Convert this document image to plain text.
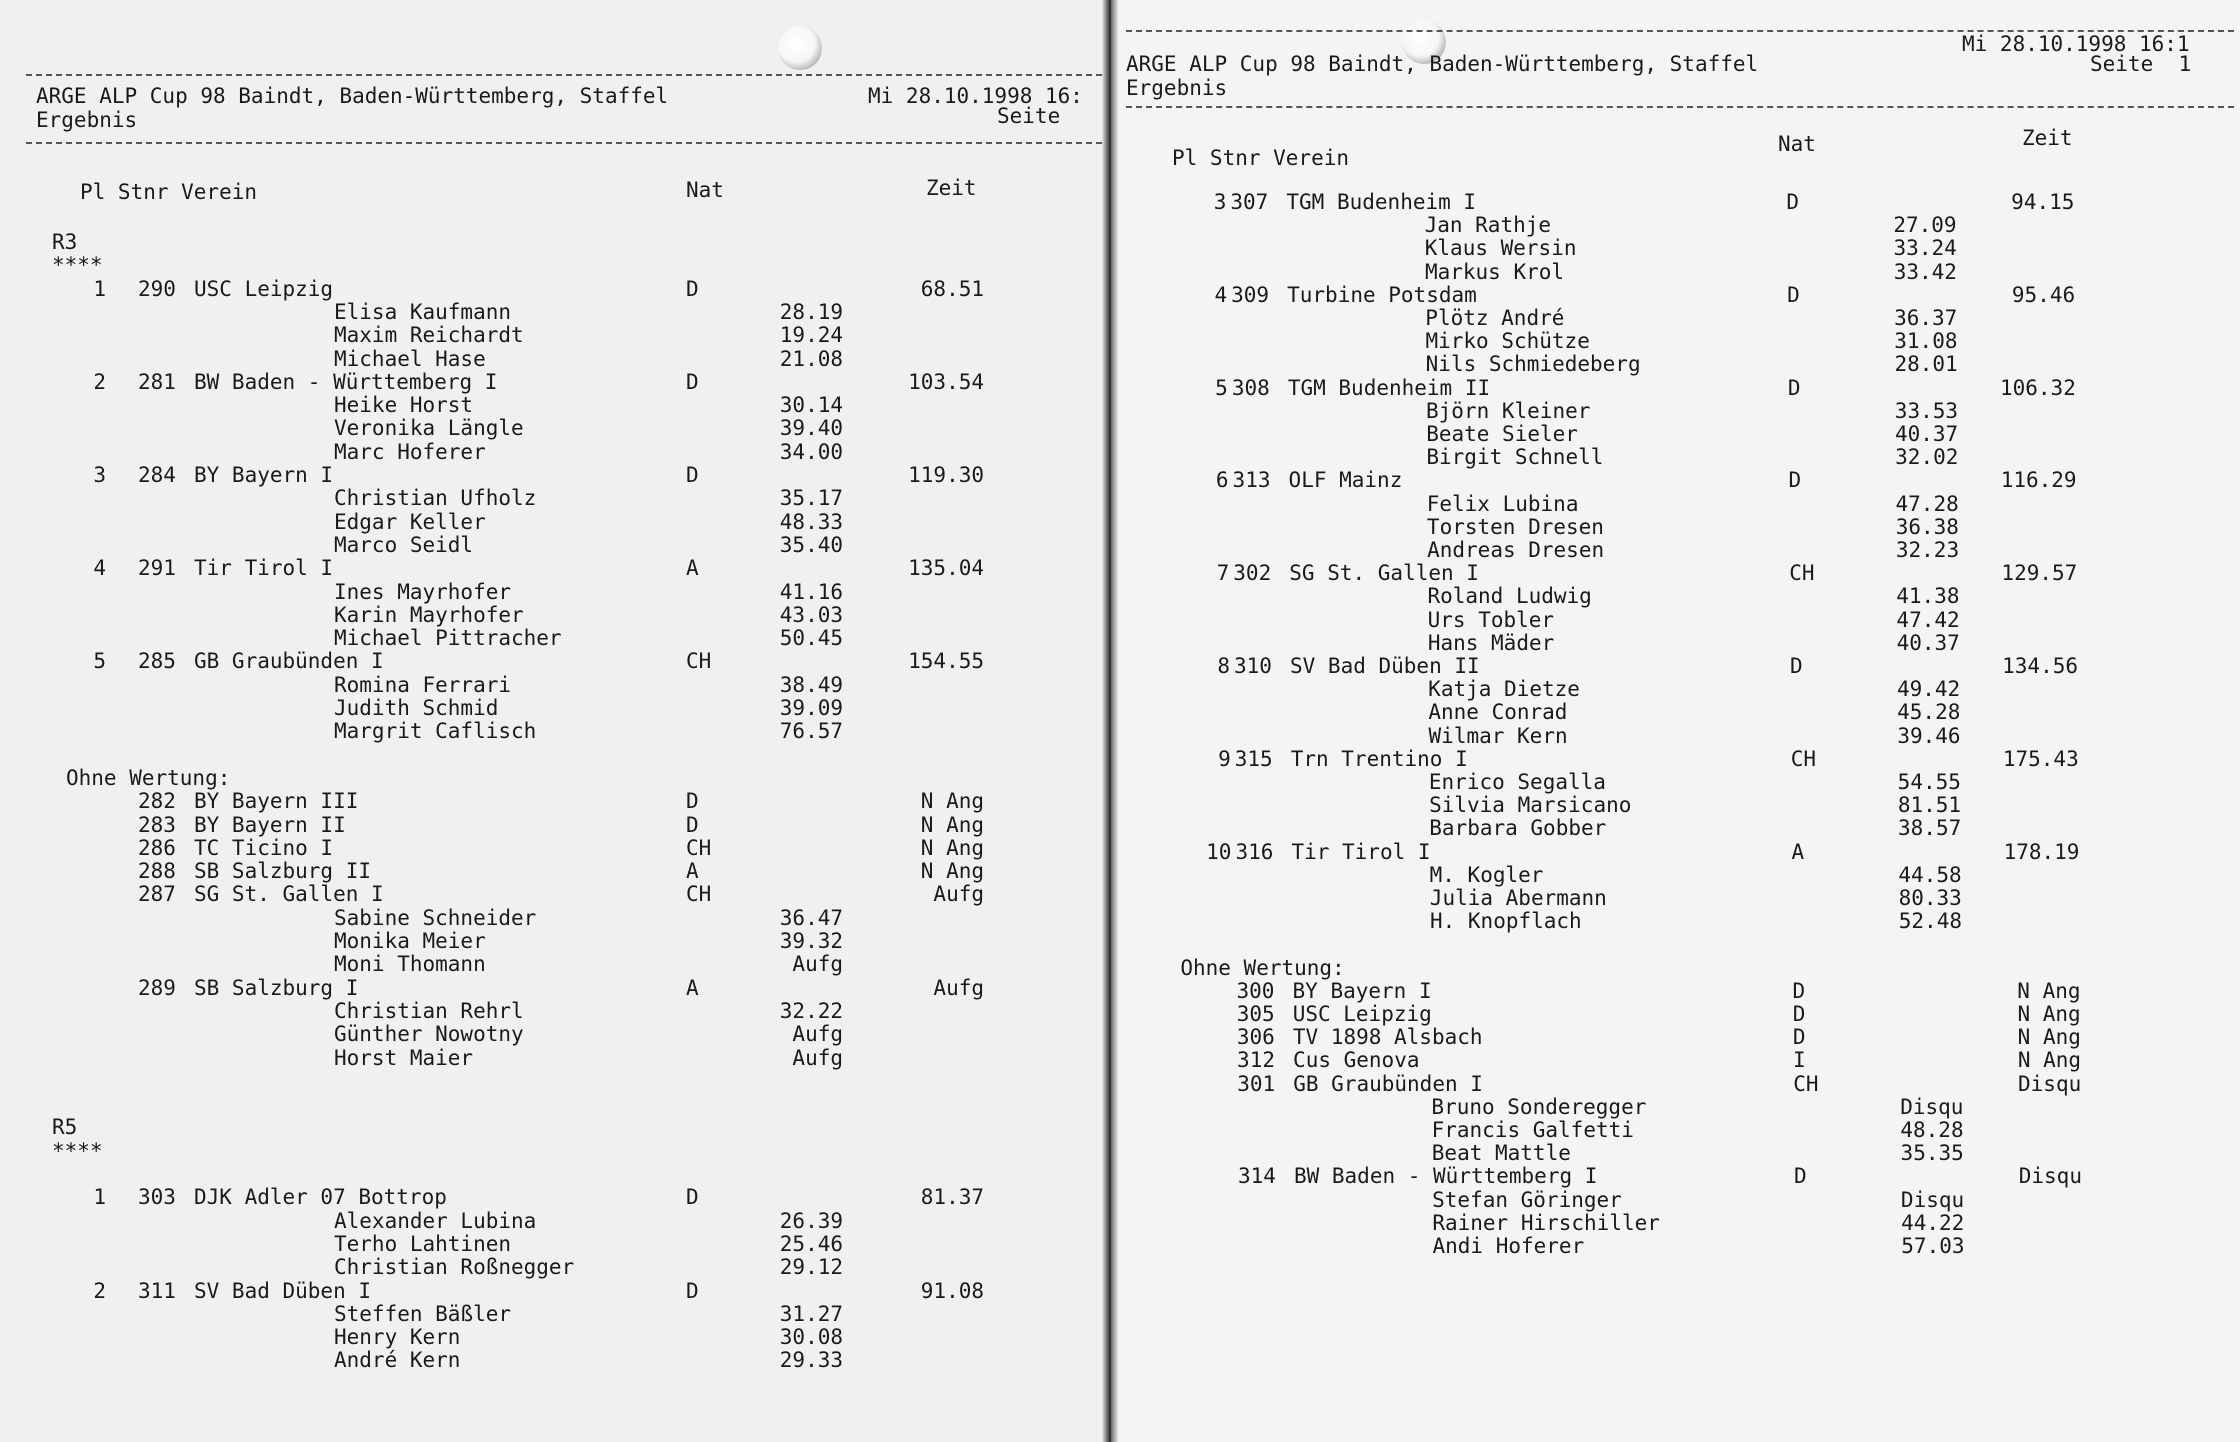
ARGE ALP Cup 98 Baindt, Baden-Württemberg, Staffel
Ergebnis
Mi 28.10.1998 16:
Seite
Pl Stnr Verein	Nat	Zeit
R3
****
1 290 USC Leipzig	D	68.51
Elisa Kaufmann	28.19
Maxim Reichardt	19.24
Michael Hase	21.08
2 281 BW Baden - Württemberg I	D	103.54
Heike Horst	30.14
Veronika Längle	39.40
Marc Hoferer	34.00
3 284 BY Bayern I	D	119.30
Christian Ufholz	35.17
Edgar Keller	48.33
Marco Seidl	35.40
4 291 Tir Tirol I	A	135.04
Ines Mayrhofer	41.16
Karin Mayrhofer	43.03
Michael Pittracher	50.45
5 285 GB Graubünden I	CH	154.55
Romina Ferrari	38.49
Judith Schmid	39.09
Margrit Caflisch	76.57
Ohne Wertung:
282 BY Bayern III	D	N Ang
283 BY Bayern II	D	N Ang
286 TC Ticino I	CH	N Ang
288 SB Salzburg II	A	N Ang
287 SG St. Gallen I	CH	Aufg
Sabine Schneider	36.47
Monika Meier	39.32
Moni Thomann	Aufg
289 SB Salzburg I	A	Aufg
Christian Rehrl	32.22
Günther Nowotny	Aufg
Horst Maier	Aufg
R5
****
1 303 DJK Adler 07 Bottrop	D	81.37
Alexander Lubina	26.39
Terho Lahtinen	25.46
Christian Roßnegger	29.12
2 311 SV Bad Düben I	D	91.08
Steffen Bäßler	31.27
Henry Kern	30.08
André Kern	29.33
ARGE ALP Cup 98 Baindt, Baden-Württemberg, Staffel
Ergebnis
Mi 28.10.1998 16:1
Seite  1
Pl Stnr Verein
Nat	Zeit
3 307 TGM Budenheim I	D	94.15
Jan Rathje	27.09
Klaus Wersin	33.24
Markus Krol	33.42
4 309 Turbine Potsdam	D	95.46
Plötz André	36.37
Mirko Schütze	31.08
Nils Schmiedeberg	28.01
5 308 TGM Budenheim II	D	106.32
Björn Kleiner	33.53
Beate Sieler	40.37
Birgit Schnell	32.02
6 313 OLF Mainz	D	116.29
Felix Lubina	47.28
Torsten Dresen	36.38
Andreas Dresen	32.23
7 302 SG St. Gallen I	CH	129.57
Roland Ludwig	41.38
Urs Tobler	47.42
Hans Mäder	40.37
8 310 SV Bad Düben II	D	134.56
Katja Dietze	49.42
Anne Conrad	45.28
Wilmar Kern	39.46
9 315 Trn Trentino I	CH	175.43
Enrico Segalla	54.55
Silvia Marsicano	81.51
Barbara Gobber	38.57
10 316 Tir Tirol I	A	178.19
M. Kogler	44.58
Julia Abermann	80.33
H. Knopflach	52.48
Ohne Wertung:
300 BY Bayern I	D	N Ang
305 USC Leipzig	D	N Ang
306 TV 1898 Alsbach	D	N Ang
312 Cus Genova	I	N Ang
301 GB Graubünden I	CH	Disqu
Bruno Sonderegger	Disqu
Francis Galfetti	48.28
Beat Mattle	35.35
314 BW Baden - Württemberg I	D	Disqu
Stefan Göringer	Disqu
Rainer Hirschiller	44.22
Andi Hoferer	57.03
